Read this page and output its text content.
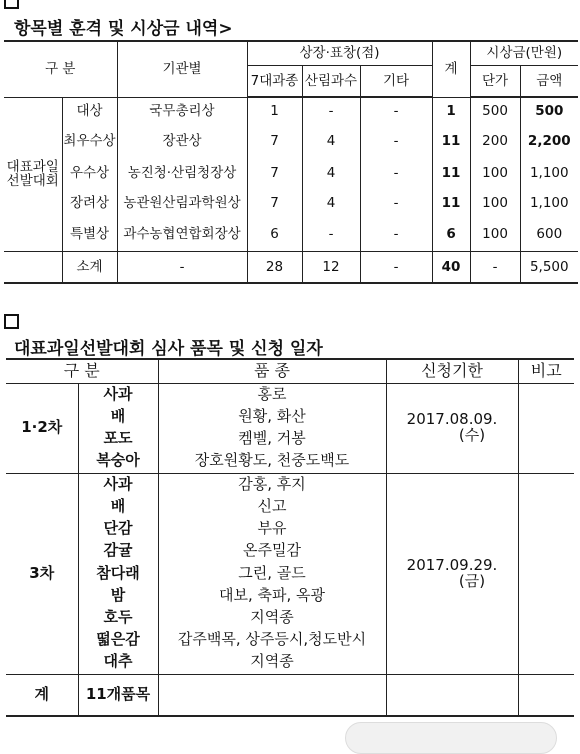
항목별 훈격 및 시상금 내역>
구 분		기관별	상장·표창(점)			계	시상금(만원)	
			7대과종	산림과수	기타		단가	금액
대표과일선발대회	대상	국무총리상	1	-	-	1	500	500
	최우수상	장관상	7	4	-	11	200	2,200
	우수상	농진청·산림청장상	7	4	-	11	100	1,100
	장려상	농관원산림과학원상	7	4	-	11	100	1,100
	특별상	과수농협연합회장상	6	-	-	6	100	600
	소계	-	28	12	-	40	-	5,500
대표과일선발대회 심사 품목 및 신청 일자
구 분		품 종	신청기한	비고
1·2차	사과	홍로	2017.08.09.
(수)	

	배	원황, 화산		
	포도	켐벨, 거봉		
	복숭아	장호원황도, 천중도백도		
3차	사과	감홍, 후지	2017.09.29.
(금)	

	배	신고		
	단감	부유		
	감귤	온주밀감		
	참다래	그린, 골드		
	밤	대보, 축파, 옥광		
	호두	지역종		
	떫은감	갑주백목, 상주등시,청도반시		
	대추	지역종		
계	11개품목			
